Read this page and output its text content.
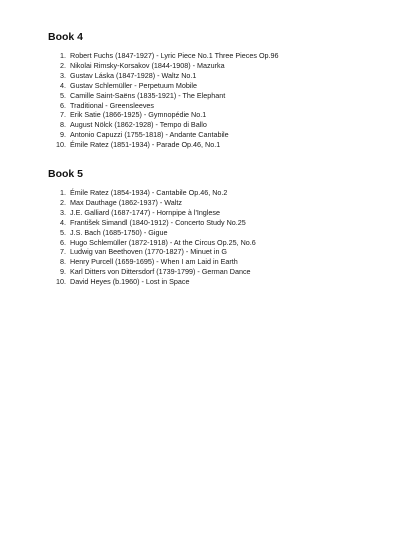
Book 4
1. Robert Fuchs (1847-1927) - Lyric Piece No.1 Three Pieces Op.96
2. Nikolai Rimsky-Korsakov (1844-1908) - Mazurka
3. Gustav Láska (1847-1928) - Waltz No.1
4. Gustav Schlemüller - Perpetuum Mobile
5. Camille Saint-Saëns (1835-1921) - The Elephant
6. Traditional - Greensleeves
7. Erik Satie (1866-1925) - Gymnopédie No.1
8. August Nölck (1862-1928) - Tempo di Ballo
9. Antonio Capuzzi (1755-1818) - Andante Cantabile
10. Émile Ratez (1851-1934) - Parade Op.46, No.1
Book 5
1. Émile Ratez (1854-1934) - Cantabile Op.46, No.2
2. Max Dauthage (1862-1937) - Waltz
3. J.E. Galliard (1687-1747) - Hornpipe à l'Inglese
4. František Simandl (1840-1912) - Concerto Study No.25
5. J.S. Bach (1685-1750) - Gigue
6. Hugo Schlemüller (1872-1918) - At the Circus Op.25, No.6
7. Ludwig van Beethoven (1770-1827) - Minuet in G
8. Henry Purcell (1659-1695) - When I am Laid in Earth
9. Karl Ditters von Dittersdorf (1739-1799) - German Dance
10. David Heyes (b.1960) - Lost in Space
